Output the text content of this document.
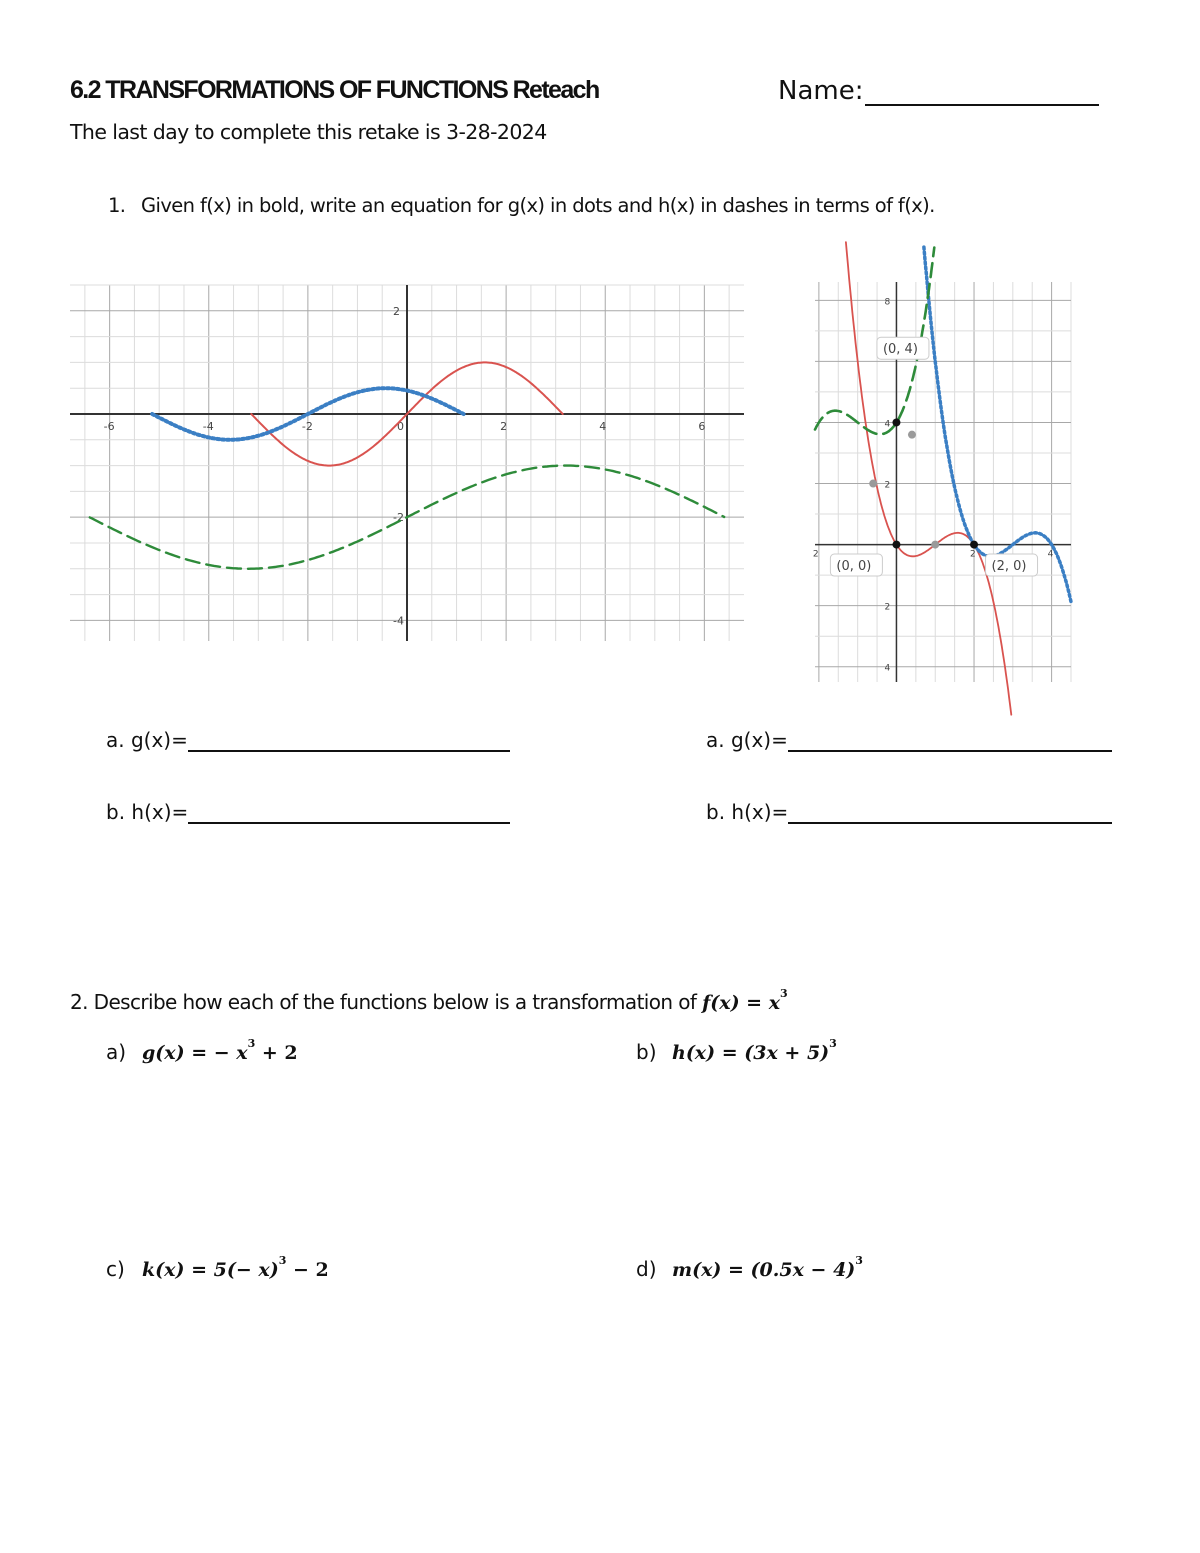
6.2 TRANSFORMATIONS OF FUNCTIONS Reteach	Name:
The last day to complete this retake is 3-28-2024
1. Given f(x) in bold, write an equation for g(x) in dots and h(x) in dashes in terms of f(x).
-6	-4	-2	0	2	4	6
2
-2
-4
2	2	4
8
4
2
2
4
(0, 4)
(0, 0)	(2, 0)
a. g(x)=
b. h(x)=
a. g(x)=
b. h(x)=
2. Describe how each of the functions below is a transformation of $f(x) = x^3$
a) g(x) = − $x^3 + 2$	b) $h(x) = (3x + 5)^3$
c) $k(x) = 5(- x)^3 - 2$	d) $m(x) = (0.5x - 4)^3$
